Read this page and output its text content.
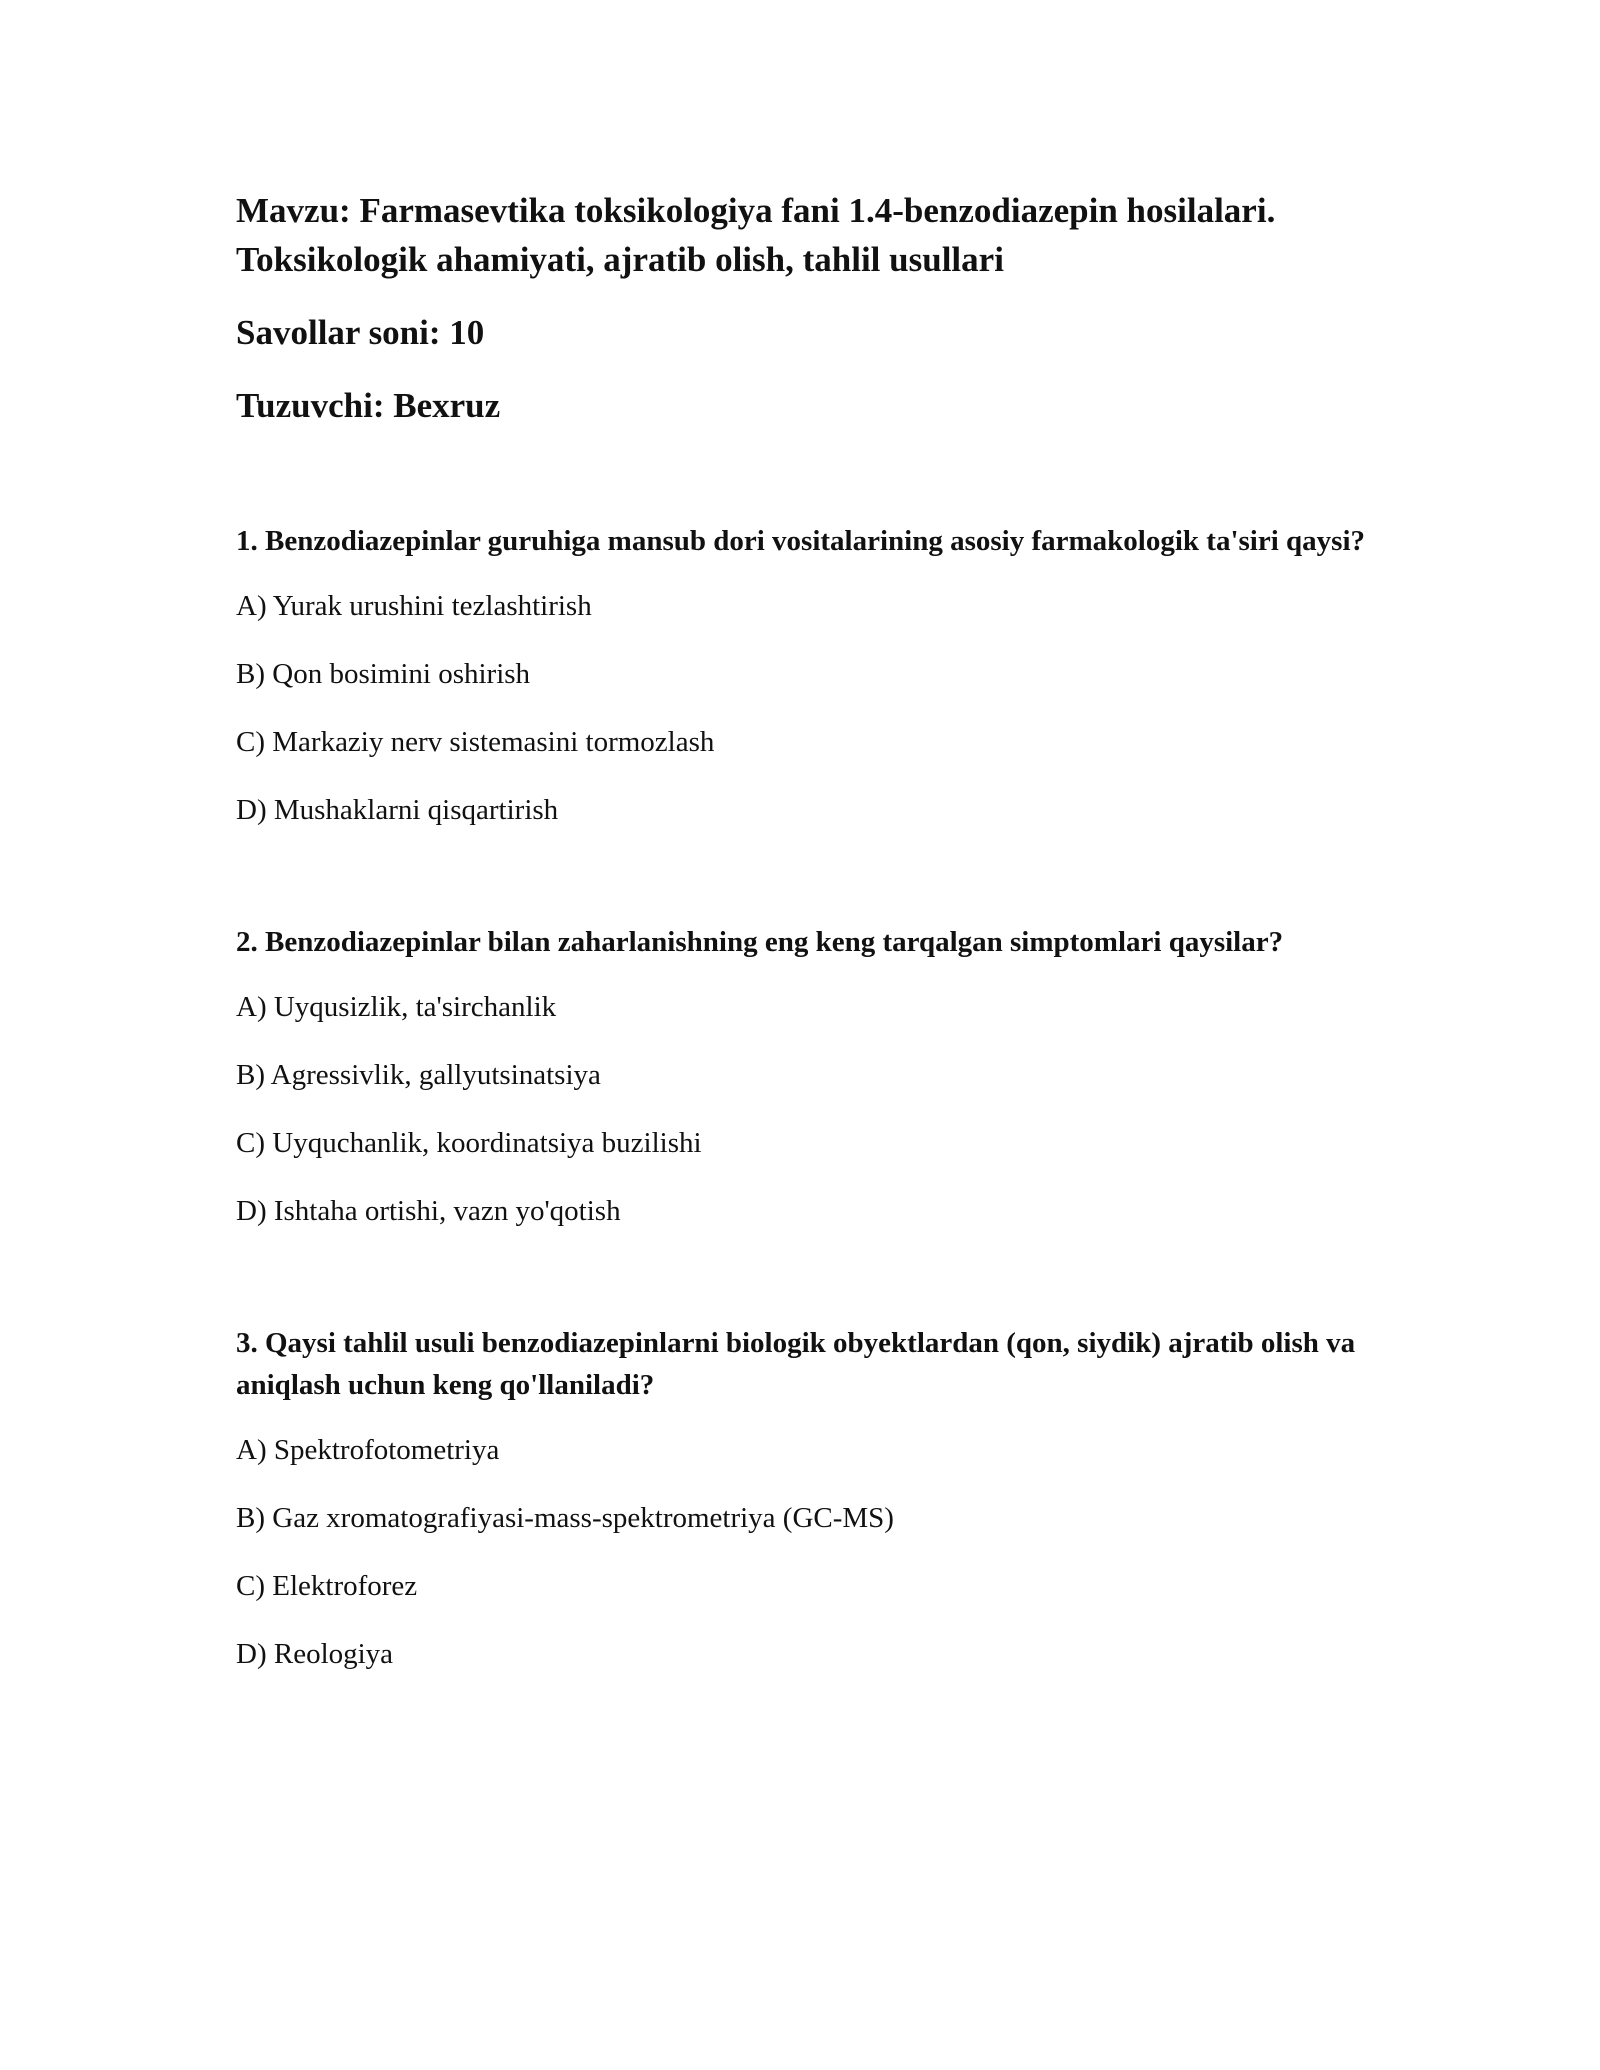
Mavzu: Farmasevtika toksikologiya fani 1.4-benzodiazepin hosilalari. Toksikologik ahamiyati, ajratib olish, tahlil usullari

Savollar soni: 10

Tuzuvchi: Bexruz

1. Benzodiazepinlar guruhiga mansub dori vositalarining asosiy farmakologik ta'siri qaysi?

A) Yurak urushini tezlashtirish

B) Qon bosimini oshirish

C) Markaziy nerv sistemasini tormozlash

D) Mushaklarni qisqartirish

2. Benzodiazepinlar bilan zaharlanishning eng keng tarqalgan simptomlari qaysilar?

A) Uyqusizlik, ta'sirchanlik

B) Agressivlik, gallyutsinatsiya

C) Uyquchanlik, koordinatsiya buzilishi

D) Ishtaha ortishi, vazn yo'qotish

3. Qaysi tahlil usuli benzodiazepinlarni biologik obyektlardan (qon, siydik) ajratib olish va aniqlash uchun keng qo'llaniladi?

A) Spektrofotometriya

B) Gaz xromatografiyasi-mass-spektrometriya (GC-MS)

C) Elektroforez

D) Reologiya
